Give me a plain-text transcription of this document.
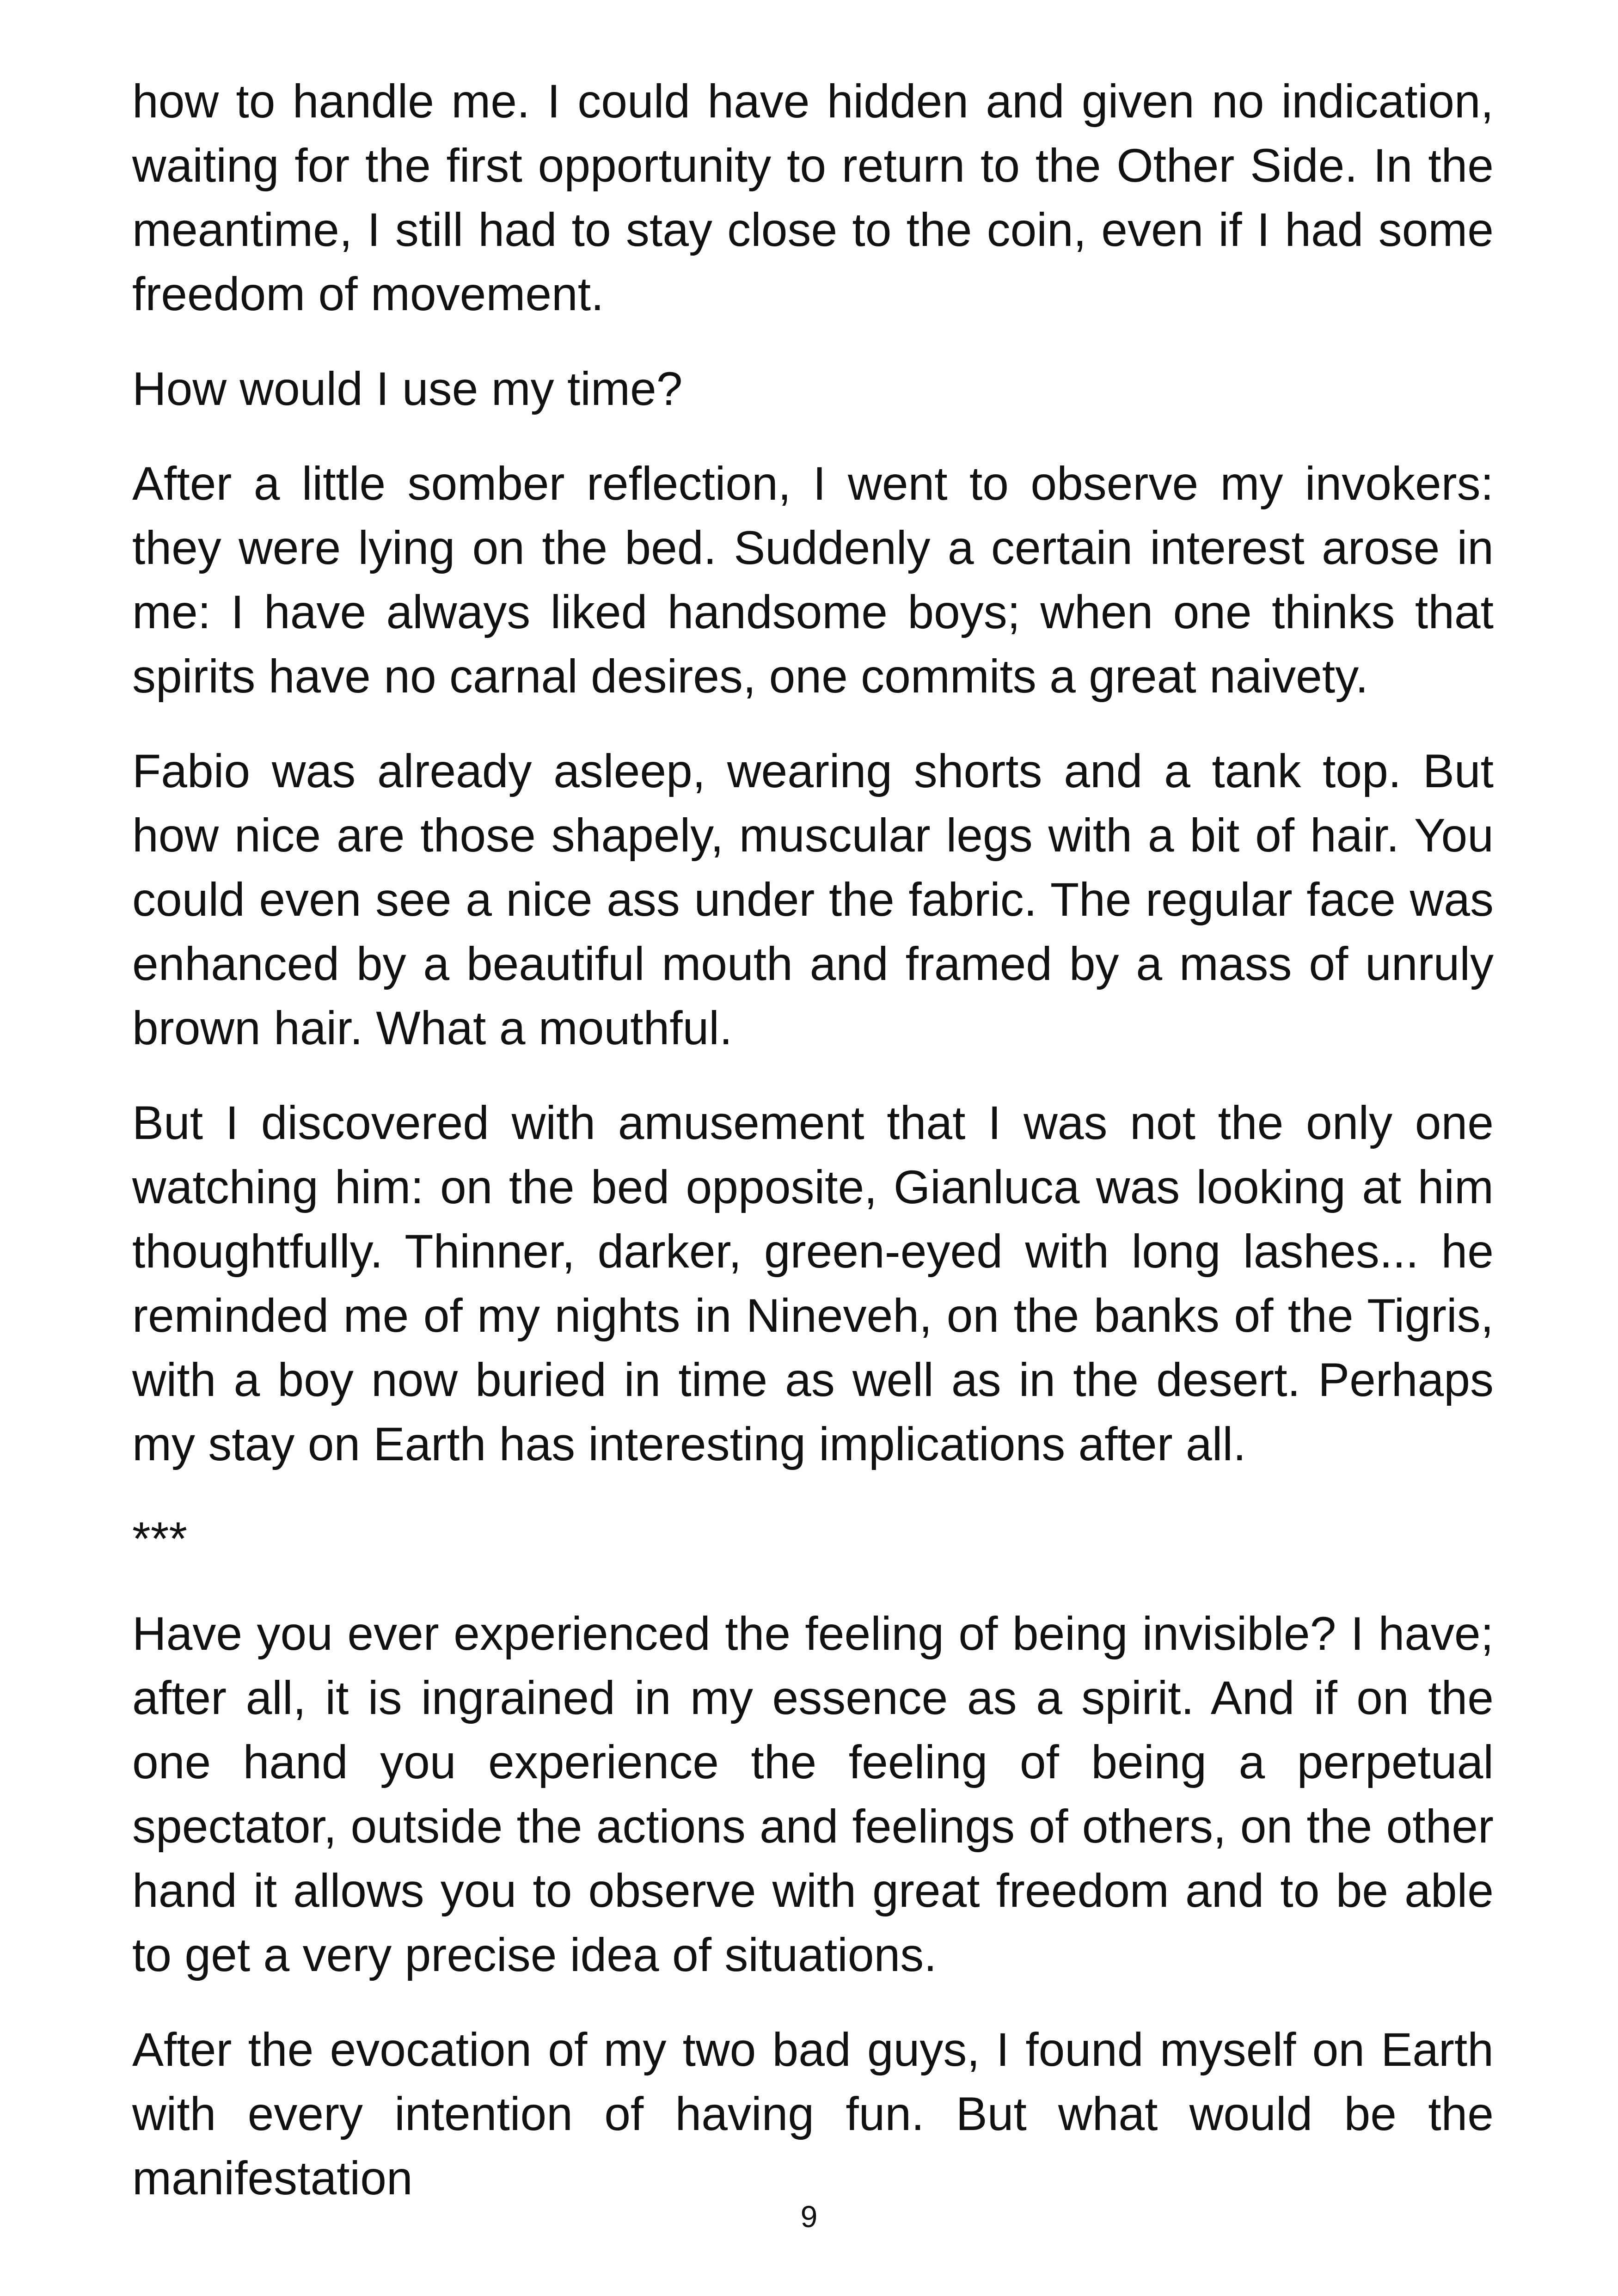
how to handle me. I could have hidden and given no indication, waiting for the first opportunity to return to the Other Side. In the meantime, I still had to stay close to the coin, even if I had some freedom of movement.

How would I use my time?

After a little somber reflection, I went to observe my invokers: they were lying on the bed. Suddenly a certain interest arose in me: I have always liked handsome boys; when one thinks that spirits have no carnal desires, one commits a great naivety.

Fabio was already asleep, wearing shorts and a tank top. But how nice are those shapely, muscular legs with a bit of hair. You could even see a nice ass under the fabric. The regular face was enhanced by a beautiful mouth and framed by a mass of unruly brown hair. What a mouthful.

But I discovered with amusement that I was not the only one watching him: on the bed opposite, Gianluca was looking at him thoughtfully. Thinner, darker, green-eyed with long lashes... he reminded me of my nights in Nineveh, on the banks of the Tigris, with a boy now buried in time as well as in the desert. Perhaps my stay on Earth has interesting implications after all.

***

Have you ever experienced the feeling of being invisible? I have; after all, it is ingrained in my essence as a spirit. And if on the one hand you experience the feeling of being a perpetual spectator, outside the actions and feelings of others, on the other hand it allows you to observe with great freedom and to be able to get a very precise idea of situations.

After the evocation of my two bad guys, I found myself on Earth with every intention of having fun. But what would be the manifestation

9
